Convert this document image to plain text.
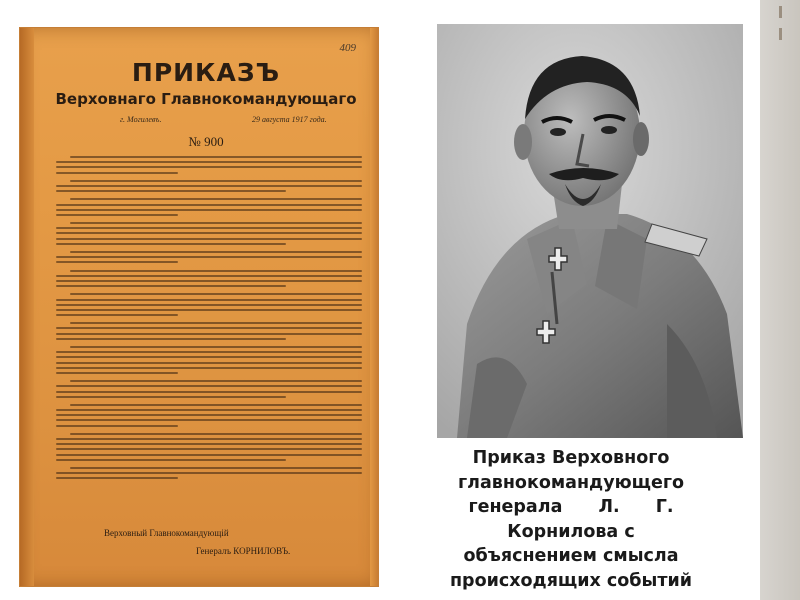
409
ПРИКАЗЪ
Верховнаго Главнокомандующаго
г. Могилевъ.	29 августа 1917 года.
№ 900
Верховный Главнокомандующій
Генералъ КОРНИЛОВЪ.
Приказ Верховного
главнокомандующего
генерала Л. Г.
Корнилова с
объяснением смысла
происходящих событий
